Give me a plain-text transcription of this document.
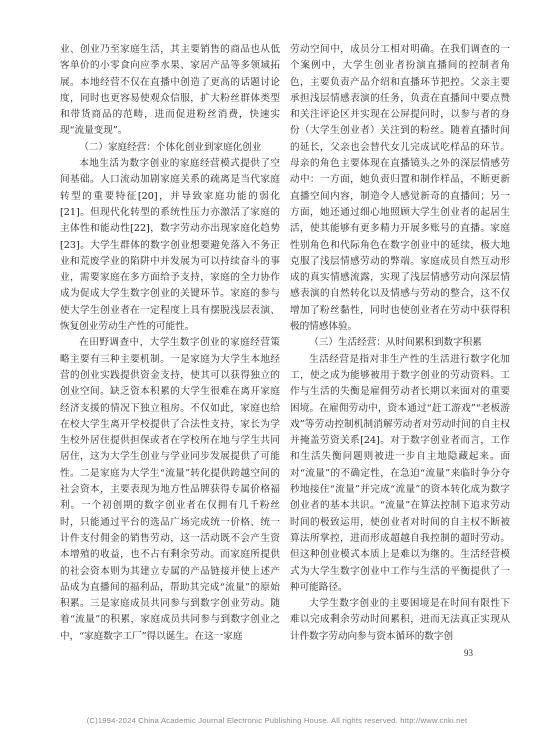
业、创业乃至家庭生活，其主要销售的商品也从低客单价的小零食向应季水果、家居产品等多领域拓展。本地经营不仅在直播中创造了更高的话题讨论度，同时也更容易使观众信服，扩大粉丝群体类型和带货商品的范畴，进而促进粉丝消费，快速实现“流量变现”。

（二）家庭经营：个体化创业到家庭化创业

本地生活为数字创业的家庭经营模式提供了空间基础。人口流动加剧家庭关系的疏离是当代家庭转型的重要特征[20]，并导致家庭功能的弱化[21]。但现代化转型的系统性压力亦激活了家庭的主体性和能动性[22]，数字劳动亦出现家庭化趋势[23]。大学生群体的数字创业想要避免落入不务正业和荒废学业的陷阱中并发展为可以持续奋斗的事业，需要家庭在多方面给予支持，家庭的全力协作成为促成大学生数字创业的关键环节。家庭的参与使大学生创业者在一定程度上具有摆脱浅层表演、恢复创业劳动生产性的可能性。

在田野调查中，大学生数字创业的家庭经营策略主要有三种主要机制。一是家庭为大学生本地经营的创业实践提供资金支持，使其可以获得独立的创业空间。缺乏资本积累的大学生很难在离开家庭经济支援的情况下独立租房。不仅如此，家庭也给在校大学生离开学校提供了合法性支持，家长为学生校外居住提供担保或者在学校所在地与学生共同居住，这为大学生创业与学业同步发展提供了可能性。二是家庭为大学生“流量”转化提供跨越空间的社会资本，主要表现为地方性品牌获得专属价格福利。一个初创期的数字创业者在仅拥有几千粉丝时，只能通过平台的选品广场完成统一价格、统一计件支付佣金的销售劳动，这一活动既不会产生资本增殖的收益，也不占有剩余劳动。而家庭所提供的社会资本则为其建立专属的产品链接并使上述产品成为直播间的福利品，帮助其完成“流量”的原始积累。三是家庭成员共同参与到数字创业劳动。随着“流量”的积累，家庭成员共同参与到数字创业之中，“家庭数字工厂”得以诞生。在这一家庭

劳动空间中，成员分工相对明确。在我们调查的一个案例中，大学生创业者扮演直播间的控制者角色，主要负责产品介绍和直播环节把控。父亲主要承担浅层情感表演的任务，负责在直播间中要点赞和关注评论区并实现在公屏提问时，以参与者的身份（大学生创业者）关注到的粉丝。随着直播时间的延长，父亲也会替代女儿完成试吃样品的环节。母亲的角色主要体现在直播镜头之外的深层情感劳动中：一方面，她负责归置和制作样品，不断更新直播空间内容，制造令人感觉新奇的直播间；另一方面，她还通过细心地照顾大学生创业者的起居生活，使其能够有更多精力开展多账号的直播。家庭性别角色和代际角色在数字创业中的延续，极大地克服了浅层情感劳动的弊端。家庭成员自然互动形成的真实情感流露，实现了浅层情感劳动向深层情感表演的自然转化以及情感与劳动的整合，这不仅增加了粉丝黏性，同时也使创业者在劳动中获得积极的情感体验。

（三）生活经营：从时间累积到数字积累

生活经营是指对非生产性的生活进行数字化加工，使之成为能够被用于数字创业的劳动资料。工作与生活的失衡是雇佣劳动者长期以来面对的重要困境。在雇佣劳动中，资本通过“赶工游戏”“老板游戏”等劳动控制机制消解劳动者对劳动时间的自主权并掩盖劳资关系[24]。对于数字创业者而言，工作和生活失衡问题则被进一步自主地隐藏起来。面对“流量”的不确定性，在急迫“流量”来临时争分夺秒地接住“流量”并完成“流量”的资本转化成为数字创业者的基本共识。“流量”在算法控制下追求劳动时间的极致运用，使创业者对时间的自主权不断被算法所掌控，进而形成超越自我控制的超时劳动。但这种创业模式本质上是难以为继的。生活经营模式为大学生数字创业中工作与生活的平衡提供了一种可能路径。

大学生数字创业的主要困境是在时间有限性下难以完成剩余劳动时间累积，进而无法真正实现从计件数字劳动向参与资本循环的数字创

93
(C)1994-2024 China Academic Journal Electronic Publishing House. All rights reserved. http://www.cnki.net
